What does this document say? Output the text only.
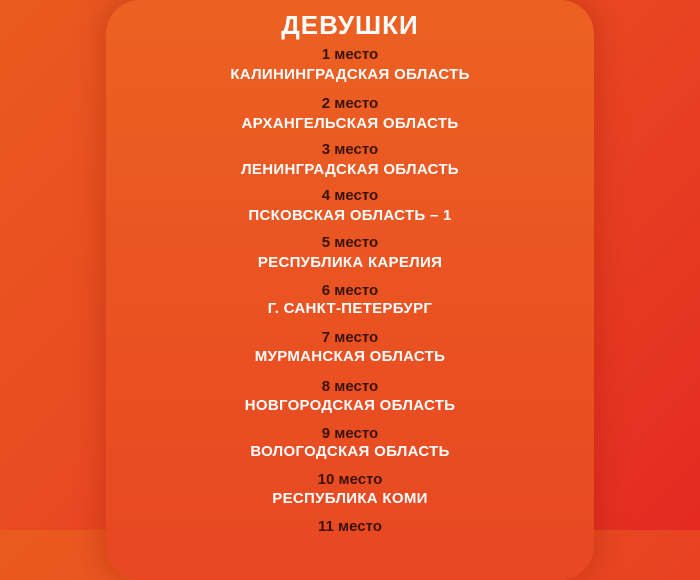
ДЕВУШКИ
1 место
КАЛИНИНГРАДСКАЯ ОБЛАСТЬ
2 место
АРХАНГЕЛЬСКАЯ ОБЛАСТЬ
3 место
ЛЕНИНГРАДСКАЯ ОБЛАСТЬ
4 место
ПСКОВСКАЯ ОБЛАСТЬ – 1
5 место
РЕСПУБЛИКА КАРЕЛИЯ
6 место
Г. САНКТ-ПЕТЕРБУРГ
7 место
МУРМАНСКАЯ ОБЛАСТЬ
8 место
НОВГОРОДСКАЯ ОБЛАСТЬ
9 место
ВОЛОГОДСКАЯ ОБЛАСТЬ
10 место
РЕСПУБЛИКА КОМИ
11 место
